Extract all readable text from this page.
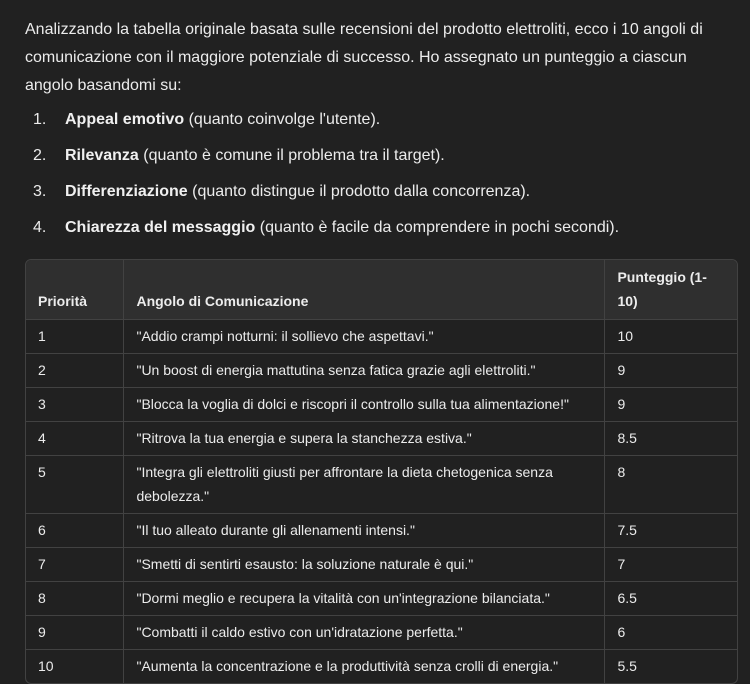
Analizzando la tabella originale basata sulle recensioni del prodotto elettroliti, ecco i 10 angoli di comunicazione con il maggiore potenziale di successo. Ho assegnato un punteggio a ciascun angolo basandomi su:

1.	Appeal emotivo (quanto coinvolge l'utente).
2.	Rilevanza (quanto è comune il problema tra il target).
3.	Differenziazione (quanto distingue il prodotto dalla concorrenza).
4.	Chiarezza del messaggio (quanto è facile da comprendere in pochi secondi).
Priorità	Angolo di Comunicazione	Punteggio (1-10)
1	"Addio crampi notturni: il sollievo che aspettavi."	10
2	"Un boost di energia mattutina senza fatica grazie agli elettroliti."	9
3	"Blocca la voglia di dolci e riscopri il controllo sulla tua alimentazione!"	9
4	"Ritrova la tua energia e supera la stanchezza estiva."	8.5
5	"Integra gli elettroliti giusti per affrontare la dieta chetogenica senza debolezza."	8
6	"Il tuo alleato durante gli allenamenti intensi."	7.5
7	"Smetti di sentirti esausto: la soluzione naturale è qui."	7
8	"Dormi meglio e recupera la vitalità con un'integrazione bilanciata."	6.5
9	"Combatti il caldo estivo con un'idratazione perfetta."	6
10	"Aumenta la concentrazione e la produttività senza crolli di energia."	5.5
